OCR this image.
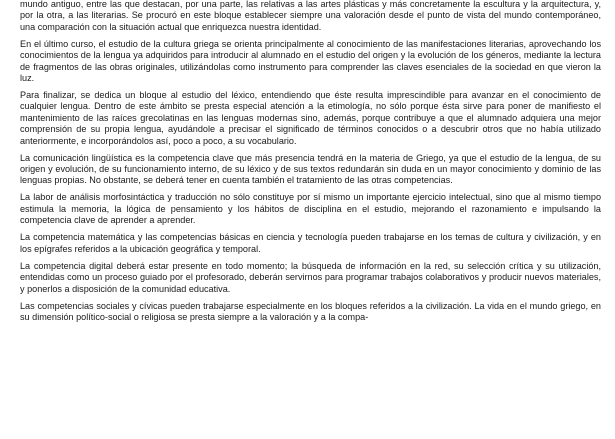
mundo antiguo, entre las que destacan, por una parte, las relativas a las artes plásticas y más concretamente la escultura y la arquitectura, y, por la otra, a las literarias. Se procuró en este bloque establecer siempre una valoración desde el punto de vista del mundo contemporáneo, una comparación con la situación actual que enriquezca nuestra identidad.

En el último curso, el estudio de la cultura griega se orienta principalmente al conocimiento de las manifestaciones literarias, aprovechando los conocimientos de la lengua ya adquiridos para introducir al alumnado en el estudio del origen y la evolución de los géneros, mediante la lectura de fragmentos de las obras originales, utilizándolas como instrumento para comprender las claves esenciales de la sociedad en que vieron la luz.

Para finalizar, se dedica un bloque al estudio del léxico, entendiendo que éste resulta imprescindible para avanzar en el conocimiento de cualquier lengua. Dentro de este ámbito se presta especial atención a la etimología, no sólo porque ésta sirve para poner de manifiesto el mantenimiento de las raíces grecolatinas en las lenguas modernas sino, además, porque contribuye a que el alumnado adquiera una mejor comprensión de su propia lengua, ayudándole a precisar el significado de términos conocidos o a descubrir otros que no había utilizado anteriormente, e incorporándolos así, poco a poco, a su vocabulario.

La comunicación lingüística es la competencia clave que más presencia tendrá en la materia de Griego, ya que el estudio de la lengua, de su origen y evolución, de su funcionamiento interno, de su léxico y de sus textos redundarán sin duda en un mayor conocimiento y dominio de las lenguas propias. No obstante, se deberá tener en cuenta también el tratamiento de las otras competencias.

La labor de análisis morfosintáctica y traducción no sólo constituye por sí mismo un importante ejercicio intelectual, sino que al mismo tiempo estimula la memoria, la lógica de pensamiento y los hábitos de disciplina en el estudio, mejorando el razonamiento e impulsando la competencia clave de aprender a aprender.

La competencia matemática y las competencias básicas en ciencia y tecnología pueden trabajarse en los temas de cultura y civilización, y en los epígrafes referidos a la ubicación geográfica y temporal.

La competencia digital deberá estar presente en todo momento; la búsqueda de información en la red, su selección crítica y su utilización, entendidas como un proceso guiado por el profesorado, deberán servirnos para programar trabajos colaborativos y producir nuevos materiales, y ponerlos a disposición de la comunidad educativa.

Las competencias sociales y cívicas pueden trabajarse especialmente en los bloques referidos a la civilización. La vida en el mundo griego, en su dimensión político-social o religiosa se presta siempre a la valoración y a la compa-
